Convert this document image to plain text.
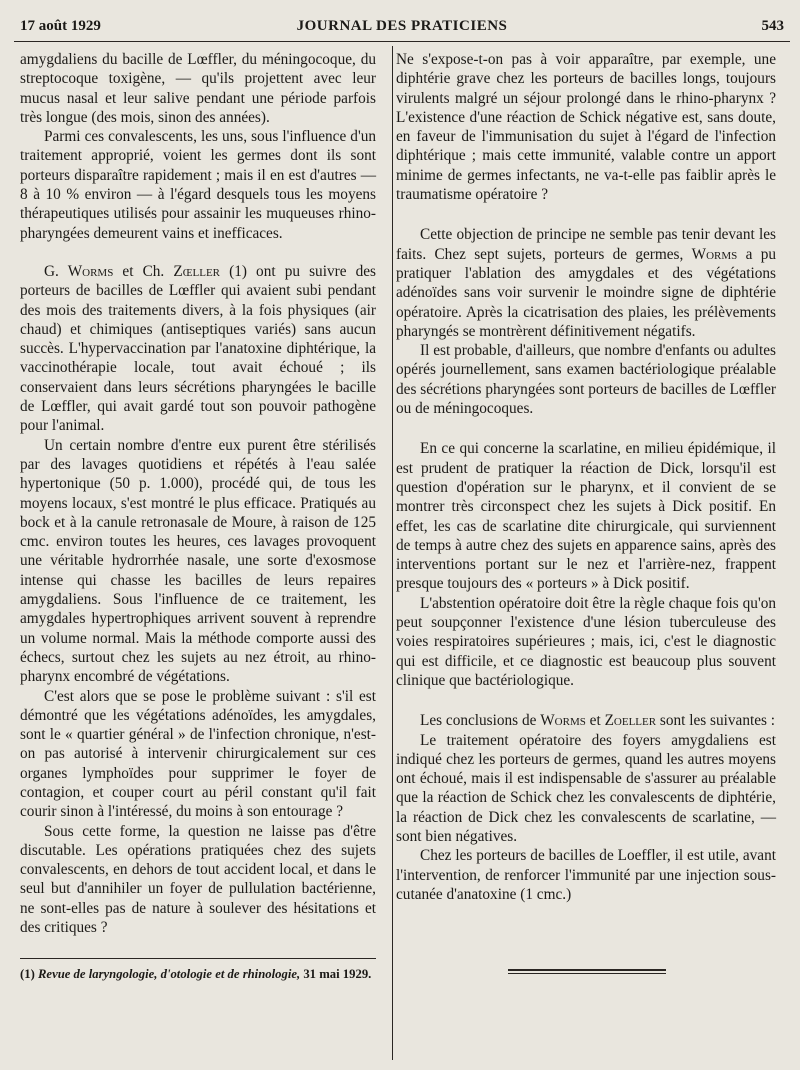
17 août 1929	JOURNAL DES PRATICIENS	543

amygdaliens du bacille de Lœffler, du méningocoque, du streptocoque toxigène, — qu'ils projettent avec leur mucus nasal et leur salive pendant une période parfois très longue (des mois, sinon des années).

Parmi ces convalescents, les uns, sous l'influence d'un traitement approprié, voient les germes dont ils sont porteurs disparaître rapidement ; mais il en est d'autres — 8 à 10 % environ — à l'égard desquels tous les moyens thérapeutiques utilisés pour assainir les muqueuses rhino-pharyngées demeurent vains et inefficaces.

G. Worms et Ch. Zœller (1) ont pu suivre des porteurs de bacilles de Lœffler qui avaient subi pendant des mois des traitements divers, à la fois physiques (air chaud) et chimiques (antiseptiques variés) sans aucun succès. L'hypervaccination par l'anatoxine diphtérique, la vaccinothérapie locale, tout avait échoué ; ils conservaient dans leurs sécrétions pharyngées le bacille de Lœffler, qui avait gardé tout son pouvoir pathogène pour l'animal.

Un certain nombre d'entre eux purent être stérilisés par des lavages quotidiens et répétés à l'eau salée hypertonique (50 p. 1.000), procédé qui, de tous les moyens locaux, s'est montré le plus efficace. Pratiqués au bock et à la canule retronasale de Moure, à raison de 125 cmc. environ toutes les heures, ces lavages provoquent une véritable hydrorrhée nasale, une sorte d'exosmose intense qui chasse les bacilles de leurs repaires amygdaliens. Sous l'influence de ce traitement, les amygdales hypertrophiques arrivent souvent à reprendre un volume normal. Mais la méthode comporte aussi des échecs, surtout chez les sujets au nez étroit, au rhino-pharynx encombré de végétations.

C'est alors que se pose le problème suivant : s'il est démontré que les végétations adénoïdes, les amygdales, sont le « quartier général » de l'infection chronique, n'est-on pas autorisé à intervenir chirurgicalement sur ces organes lymphoïdes pour supprimer le foyer de contagion, et couper court au péril constant qu'il fait courir sinon à l'intéressé, du moins à son entourage ?

Sous cette forme, la question ne laisse pas d'être discutable. Les opérations pratiquées chez des sujets convalescents, en dehors de tout accident local, et dans le seul but d'annihiler un foyer de pullulation bactérienne, ne sont-elles pas de nature à soulever des hésitations et des critiques ?

(1) Revue de laryngologie, d'otologie et de rhinologie, 31 mai 1929.

Ne s'expose-t-on pas à voir apparaître, par exemple, une diphtérie grave chez les porteurs de bacilles longs, toujours virulents malgré un séjour prolongé dans le rhino-pharynx ? L'existence d'une réaction de Schick négative est, sans doute, en faveur de l'immunisation du sujet à l'égard de l'infection diphtérique ; mais cette immunité, valable contre un apport minime de germes infectants, ne va-t-elle pas faiblir après le traumatisme opératoire ?

Cette objection de principe ne semble pas tenir devant les faits. Chez sept sujets, porteurs de germes, Worms a pu pratiquer l'ablation des amygdales et des végétations adénoïdes sans voir survenir le moindre signe de diphtérie opératoire. Après la cicatrisation des plaies, les prélèvements pharyngés se montrèrent définitivement négatifs.

Il est probable, d'ailleurs, que nombre d'enfants ou adultes opérés journellement, sans examen bactériologique préalable des sécrétions pharyngées sont porteurs de bacilles de Lœffler ou de méningocoques.

En ce qui concerne la scarlatine, en milieu épidémique, il est prudent de pratiquer la réaction de Dick, lorsqu'il est question d'opération sur le pharynx, et il convient de se montrer très circonspect chez les sujets à Dick positif. En effet, les cas de scarlatine dite chirurgicale, qui surviennent de temps à autre chez des sujets en apparence sains, après des interventions portant sur le nez et l'arrière-nez, frappent presque toujours des « porteurs » à Dick positif.

L'abstention opératoire doit être la règle chaque fois qu'on peut soupçonner l'existence d'une lésion tuberculeuse des voies respiratoires supérieures ; mais, ici, c'est le diagnostic qui est difficile, et ce diagnostic est beaucoup plus souvent clinique que bactériologique.

Les conclusions de Worms et Zoeller sont les suivantes :

Le traitement opératoire des foyers amygdaliens est indiqué chez les porteurs de germes, quand les autres moyens ont échoué, mais il est indispensable de s'assurer au préalable que la réaction de Schick chez les convalescents de diphtérie, la réaction de Dick chez les convalescents de scarlatine, — sont bien négatives.

Chez les porteurs de bacilles de Loeffler, il est utile, avant l'intervention, de renforcer l'immunité par une injection sous-cutanée d'anatoxine (1 cmc.)
